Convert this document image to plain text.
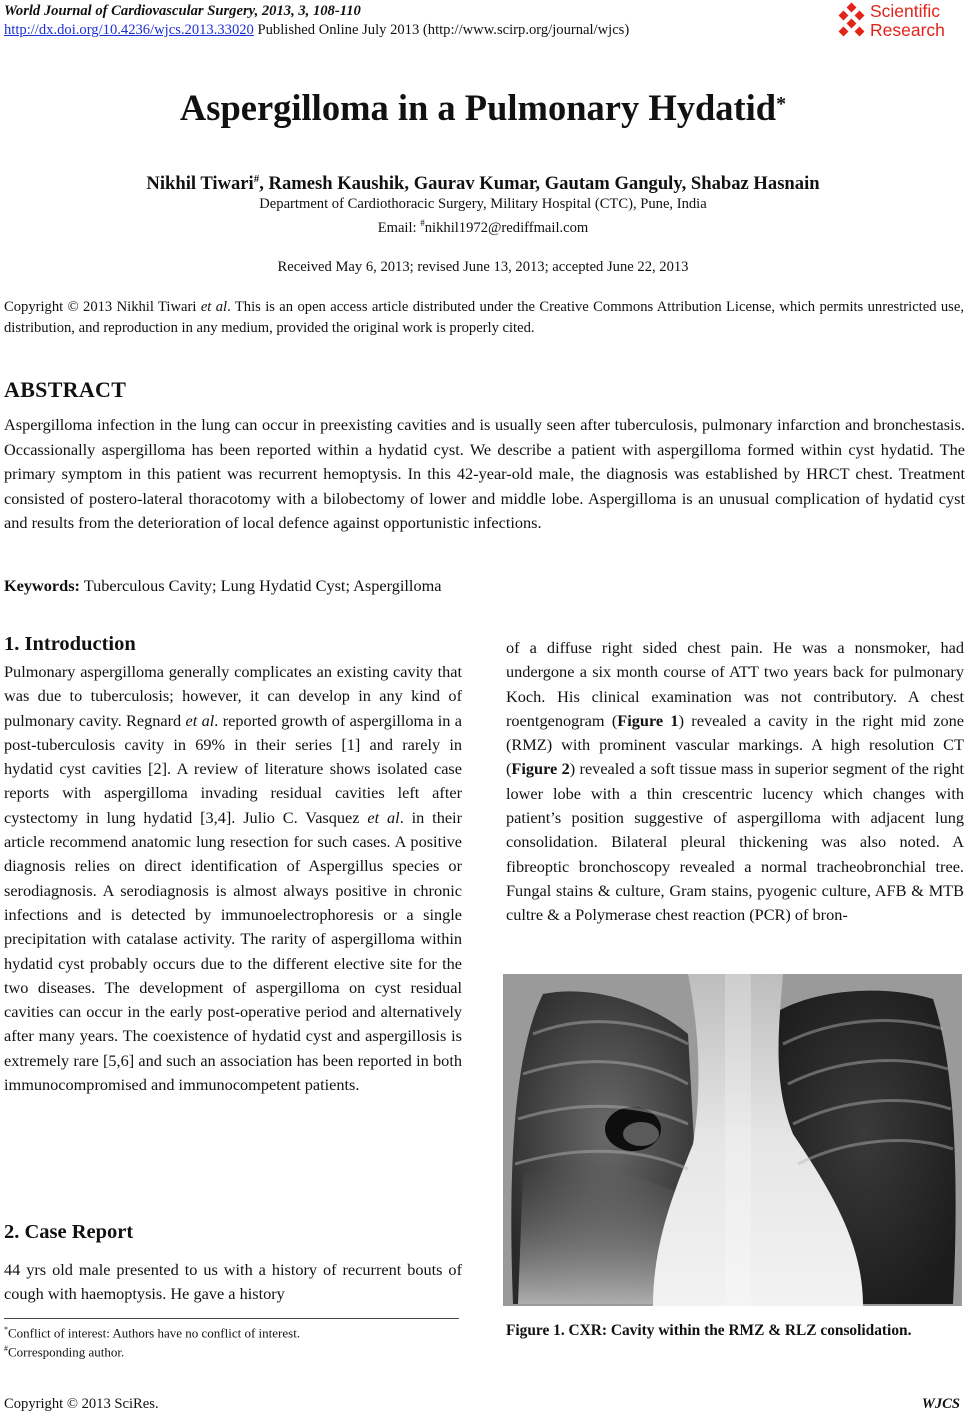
World Journal of Cardiovascular Surgery, 2013, 3, 108-110
http://dx.doi.org/10.4236/wjcs.2013.33020 Published Online July 2013 (http://www.scirp.org/journal/wjcs)
Scientific
Research
Aspergilloma in a Pulmonary Hydatid*
Nikhil Tiwari#, Ramesh Kaushik, Gaurav Kumar, Gautam Ganguly, Shabaz Hasnain
Department of Cardiothoracic Surgery, Military Hospital (CTC), Pune, India
Email: #nikhil1972@rediffmail.com
Received May 6, 2013; revised June 13, 2013; accepted June 22, 2013
Copyright © 2013 Nikhil Tiwari et al. This is an open access article distributed under the Creative Commons Attribution License, which permits unrestricted use, distribution, and reproduction in any medium, provided the original work is properly cited.
ABSTRACT
Aspergilloma infection in the lung can occur in preexisting cavities and is usually seen after tuberculosis, pulmonary infarction and bronchestasis. Occassionally aspergilloma has been reported within a hydatid cyst. We describe a patient with aspergilloma formed within cyst hydatid. The primary symptom in this patient was recurrent hemoptysis. In this 42-year-old male, the diagnosis was established by HRCT chest. Treatment consisted of postero-lateral thoracotomy with a bilobectomy of lower and middle lobe. Aspergilloma is an unusual complication of hydatid cyst and results from the deterioration of local defence against opportunistic infections.
Keywords: Tuberculous Cavity; Lung Hydatid Cyst; Aspergilloma
1. Introduction
Pulmonary aspergilloma generally complicates an existing cavity that was due to tuberculosis; however, it can develop in any kind of pulmonary cavity. Regnard et al. reported growth of aspergilloma in a post-tuberculosis cavity in 69% in their series [1] and rarely in hydatid cyst cavities [2]. A review of literature shows isolated case reports with aspergilloma invading residual cavities left after cystectomy in lung hydatid [3,4]. Julio C. Vasquez et al. in their article recommend anatomic lung resection for such cases. A positive diagnosis relies on direct identification of Aspergillus species or serodiagnosis. A serodiagnosis is almost always positive in chronic infections and is detected by immunoelectrophoresis or a single precipitation with catalase activity. The rarity of aspergilloma within hydatid cyst probably occurs due to the different elective site for the two diseases. The development of aspergilloma on cyst residual cavities can occur in the early post-operative period and alternatively after many years. The coexistence of hydatid cyst and aspergillosis is extremely rare [5,6] and such an association has been reported in both immunocompromised and immunocompetent patients.
2. Case Report
44 yrs old male presented to us with a history of recurrent bouts of cough with haemoptysis. He gave a history
of a diffuse right sided chest pain. He was a nonsmoker, had undergone a six month course of ATT two years back for pulmonary Koch. His clinical examination was not contributory. A chest roentgenogram (Figure 1) revealed a cavity in the right mid zone (RMZ) with prominent vascular markings. A high resolution CT (Figure 2) revealed a soft tissue mass in superior segment of the right lower lobe with a thin crescentric lucency which changes with patient’s position suggestive of aspergilloma with adjacent lung consolidation. Bilateral pleural thickening was also noted. A fibreoptic bronchoscopy revealed a normal tracheobronchial tree. Fungal stains & culture, Gram stains, pyogenic culture, AFB & MTB cultre & a Polymerase chest reaction (PCR) of bron-
Figure 1. CXR: Cavity within the RMZ & RLZ consolidation.
*Conflict of interest: Authors have no conflict of interest.
#Corresponding author.
Copyright © 2013 SciRes.	WJCS
